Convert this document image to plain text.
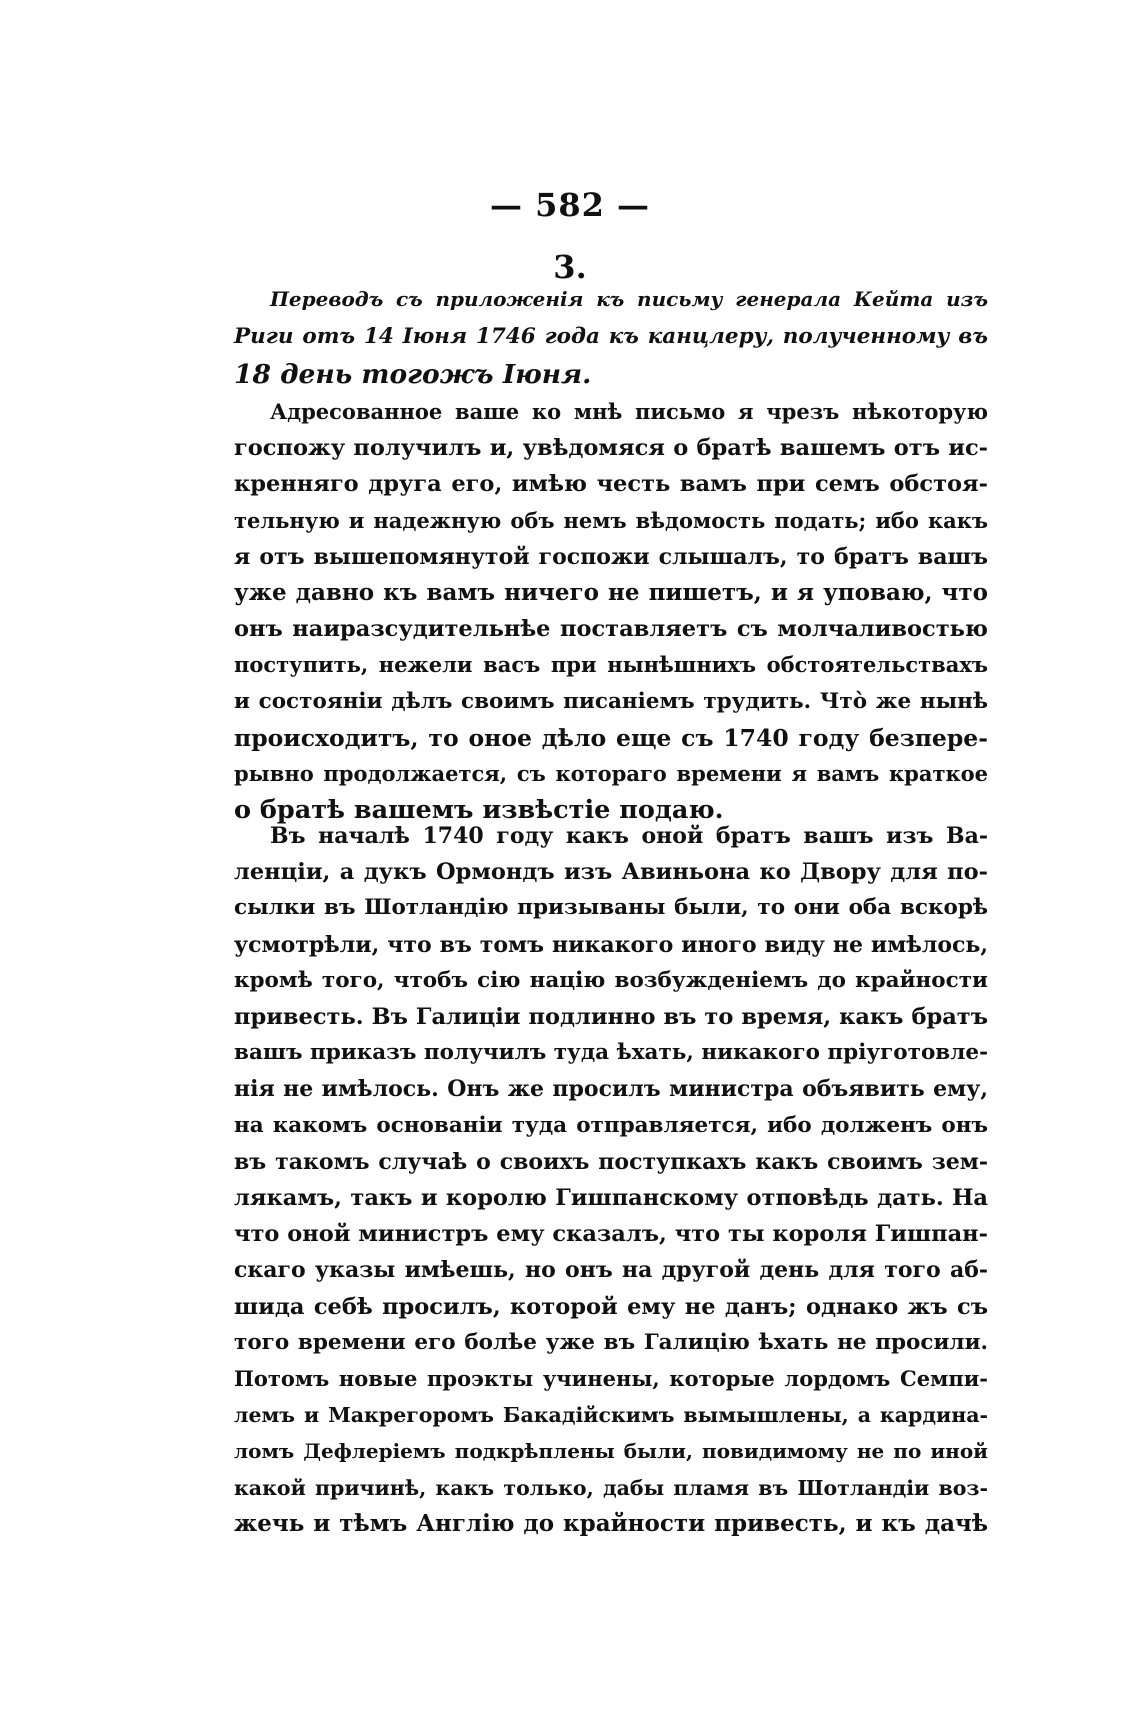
— 582 —
3.
Переводъ съ приложенія къ письму генерала Кейта изъ
Риги отъ 14 Іюня 1746 года къ канцлеру, полученному въ
18 день тогожъ Іюня.
Адресованное ваше ко мнѣ письмо я чрезъ нѣкоторую
госпожу получилъ и, увѣдомяся о братѣ вашемъ отъ ис-
кренняго друга его, имѣю честь вамъ при семъ обстоя-
тельную и надежную объ немъ вѣдомость подать; ибо какъ
я отъ вышепомянутой госпожи слышалъ, то братъ вашъ
уже давно къ вамъ ничего не пишетъ, и я уповаю, что
онъ наиразсудительнѣе поставляетъ съ молчаливостью
поступить, нежели васъ при нынѣшнихъ обстоятельствахъ
и состояніи дѣлъ своимъ писаніемъ трудить. Чтò же нынѣ
происходитъ, то оное дѣло еще съ 1740 году безпере-
рывно продолжается, съ котораго времени я вамъ краткое
о братѣ вашемъ извѣстіе подаю.
Въ началѣ 1740 году какъ оной братъ вашъ изъ Ва-
ленціи, а дукъ Ормондъ изъ Авиньона ко Двору для по-
сылки въ Шотландію призываны были, то они оба вскорѣ
усмотрѣли, что въ томъ никакого иного виду не имѣлось,
кромѣ того, чтобъ сію націю возбужденіемъ до крайности
привесть. Въ Галиціи подлинно въ то время, какъ братъ
вашъ приказъ получилъ туда ѣхать, никакого пріуготовле-
нія не имѣлось. Онъ же просилъ министра объявить ему,
на какомъ основаніи туда отправляется, ибо долженъ онъ
въ такомъ случаѣ о своихъ поступкахъ какъ своимъ зем-
лякамъ, такъ и королю Гишпанскому отповѣдь дать. На
что оной министръ ему сказалъ, что ты короля Гишпан-
скаго указы имѣешь, но онъ на другой день для того аб-
шида себѣ просилъ, которой ему не данъ; однако жъ съ
того времени его болѣе уже въ Галицію ѣхать не просили.
Потомъ новые проэкты учинены, которые лордомъ Семпи-
лемъ и Макрегоромъ Бакадійскимъ вымышлены, а кардина-
ломъ Дефлеріемъ подкрѣплены были, повидимому не по иной
какой причинѣ, какъ только, дабы пламя въ Шотландіи воз-
жечь и тѣмъ Англію до крайности привесть, и къ дачѣ
